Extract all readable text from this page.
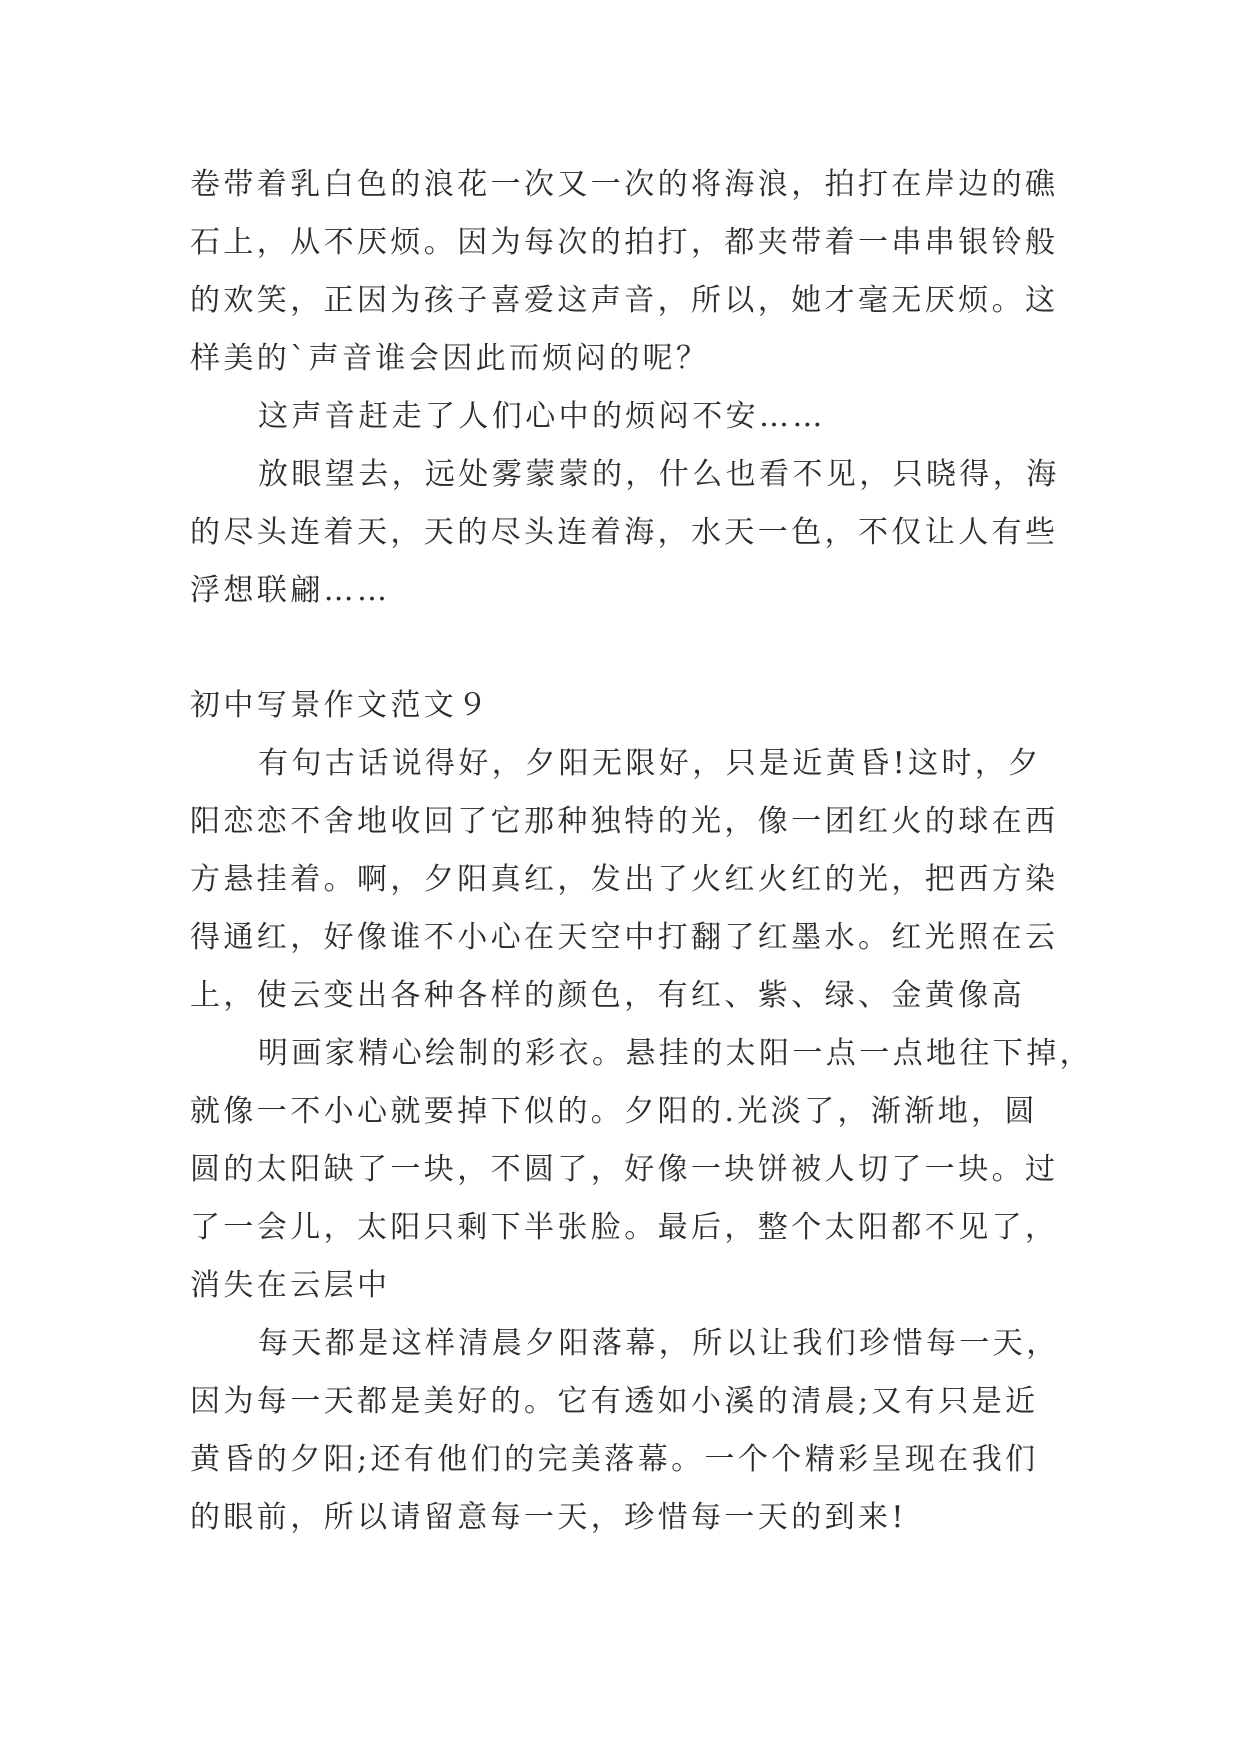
卷带着乳白色的浪花一次又一次的将海浪，拍打在岸边的礁

石上，从不厌烦。因为每次的拍打，都夹带着一串串银铃般

的欢笑，正因为孩子喜爱这声音，所以，她才毫无厌烦。这

样美的`声音谁会因此而烦闷的呢？

这声音赶走了人们心中的烦闷不安……

放眼望去，远处雾蒙蒙的，什么也看不见，只晓得，海

的尽头连着天，天的尽头连着海，水天一色，不仅让人有些

浮想联翩……

初中写景作文范文９

有句古话说得好，夕阳无限好，只是近黄昏!这时，夕

阳恋恋不舍地收回了它那种独特的光，像一团红火的球在西

方悬挂着。啊，夕阳真红，发出了火红火红的光，把西方染

得通红，好像谁不小心在天空中打翻了红墨水。红光照在云

上，使云变出各种各样的颜色，有红、紫、绿、金黄像高

明画家精心绘制的彩衣。悬挂的太阳一点一点地往下掉，

就像一不小心就要掉下似的。夕阳的.光淡了，渐渐地，圆

圆的太阳缺了一块，不圆了，好像一块饼被人切了一块。过

了一会儿，太阳只剩下半张脸。最后，整个太阳都不见了，

消失在云层中

每天都是这样清晨夕阳落幕，所以让我们珍惜每一天，

因为每一天都是美好的。它有透如小溪的清晨;又有只是近

黄昏的夕阳;还有他们的完美落幕。一个个精彩呈现在我们

的眼前，所以请留意每一天，珍惜每一天的到来!
